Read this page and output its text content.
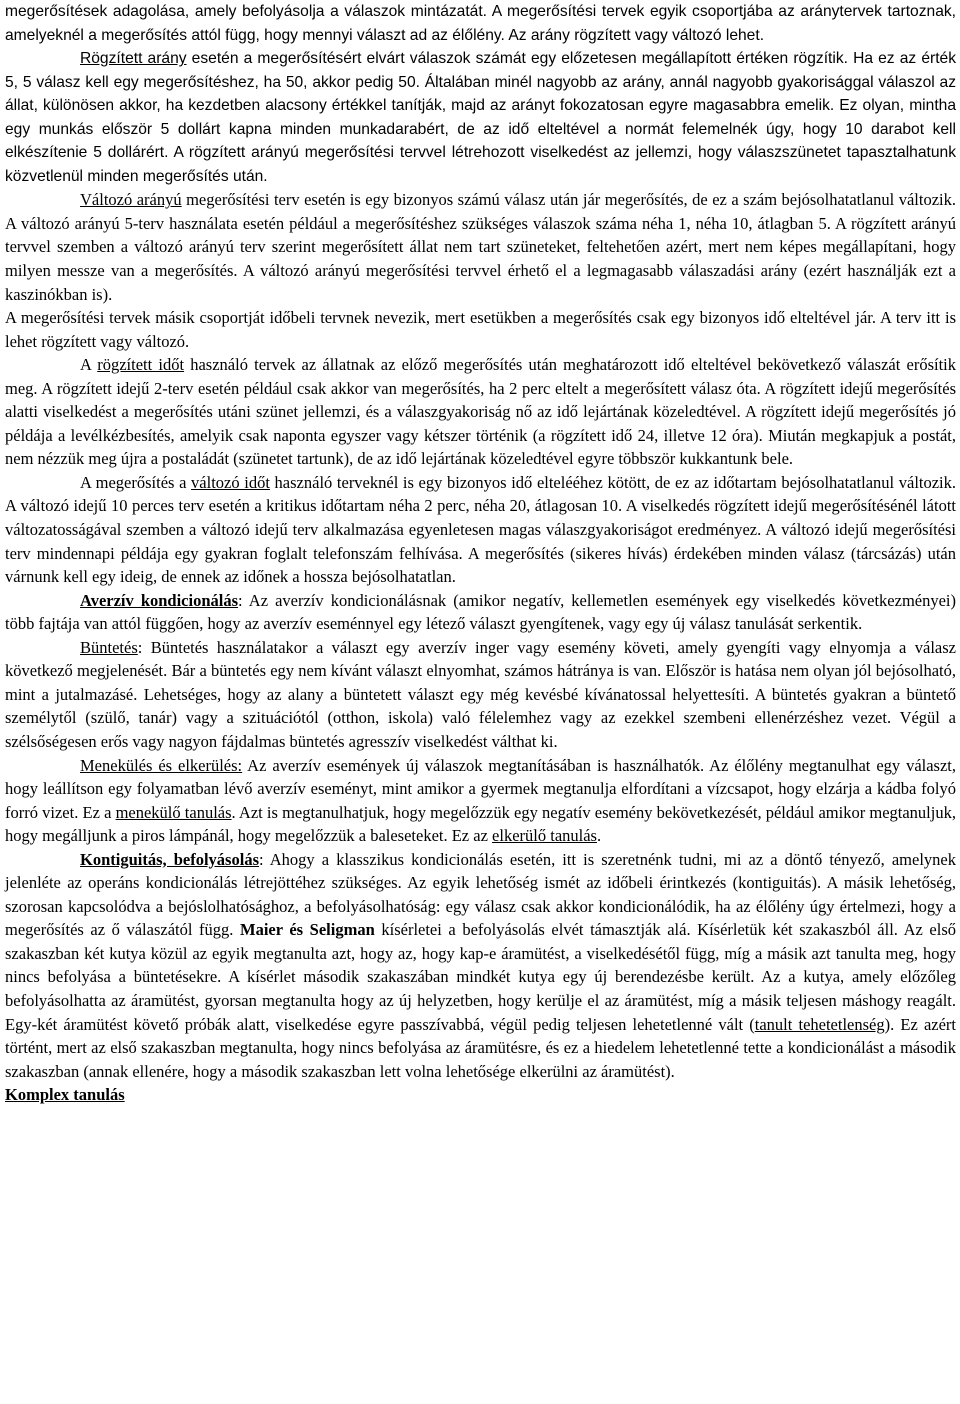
megerősítések adagolása, amely befolyásolja a válaszok mintázatát. A megerősítési tervek egyik csoportjába az aránytervek tartoznak, amelyeknél a megerősítés attól függ, hogy mennyi választ ad az élőlény. Az arány rögzített vagy változó lehet.

Rögzített arány esetén a megerősítésért elvárt válaszok számát egy előzetesen megállapított értéken rögzítik. Ha ez az érték 5, 5 válasz kell egy megerősítéshez, ha 50, akkor pedig 50. Általában minél nagyobb az arány, annál nagyobb gyakorisággal válaszol az állat, különösen akkor, ha kezdetben alacsony értékkel tanítják, majd az arányt fokozatosan egyre magasabbra emelik. Ez olyan, mintha egy munkás először 5 dollárt kapna minden munkadarabért, de az idő elteltével a normát felemelnék úgy, hogy 10 darabot kell elkészítenie 5 dollárért. A rögzített arányú megerősítési tervvel létrehozott viselkedést az jellemzi, hogy válaszszünetet tapasztalhatunk közvetlenül minden megerősítés után.

Változó arányú megerősítési terv esetén is egy bizonyos számú válasz után jár megerősítés, de ez a szám bejósolhatatlanul változik. A változó arányú 5-terv használata esetén például a megerősítéshez szükséges válaszok száma néha 1, néha 10, átlagban 5. A rögzített arányú tervvel szemben a változó arányú terv szerint megerősített állat nem tart szüneteket, feltehetően azért, mert nem képes megállapítani, hogy milyen messze van a megerősítés. A változó arányú megerősítési tervvel érhető el a legmagasabb válaszadási arány (ezért használják ezt a kaszinókban is).

A megerősítési tervek másik csoportját időbeli tervnek nevezik, mert esetükben a megerősítés csak egy bizonyos idő elteltével jár. A terv itt is lehet rögzített vagy változó.

A rögzített időt használó tervek az állatnak az előző megerősítés után meghatározott idő elteltével bekövetkező válaszát erősítik meg. A rögzített idejű 2-terv esetén például csak akkor van megerősítés, ha 2 perc eltelt a megerősített válasz óta. A rögzített idejű megerősítés alatti viselkedést a megerősítés utáni szünet jellemzi, és a válaszgyakoriság nő az idő lejártának közeledtével. A rögzített idejű megerősítés jó példája a levélkézbesítés, amelyik csak naponta egyszer vagy kétszer történik (a rögzített idő 24, illetve 12 óra). Miután megkapjuk a postát, nem nézzük meg újra a postaládát (szünetet tartunk), de az idő lejártának közeledtével egyre többször kukkantunk bele.

A megerősítés a változó időt használó terveknél is egy bizonyos idő eltelééhez kötött, de ez az időtartam bejósolhatatlanul változik. A változó idejű 10 perces terv esetén a kritikus időtartam néha 2 perc, néha 20, átlagosan 10. A viselkedés rögzített idejű megerősítésénél látott változatosságával szemben a változó idejű terv alkalmazása egyenletesen magas válaszgyakoriságot eredményez. A változó idejű megerősítési terv mindennapi példája egy gyakran foglalt telefonszám felhívása. A megerősítés (sikeres hívás) érdekében minden válasz (tárcsázás) után várnunk kell egy ideig, de ennek az időnek a hossza bejósolhatatlan.

Averzív kondicionálás: Az averzív kondicionálásnak (amikor negatív, kellemetlen események egy viselkedés következményei) több fajtája van attól függően, hogy az averzív eseménnyel egy létező választ gyengítenek, vagy egy új válasz tanulását serkentik.

Büntetés: Büntetés használatakor a választ egy averzív inger vagy esemény követi, amely gyengíti vagy elnyomja a válasz következő megjelenését. Bár a büntetés egy nem kívánt választ elnyomhat, számos hátránya is van. Először is hatása nem olyan jól bejósolható, mint a jutalmazásé. Lehetséges, hogy az alany a büntetett választ egy még kevésbé kívánatossal helyettesíti. A büntetés gyakran a büntető személytől (szülő, tanár) vagy a szituációtól (otthon, iskola) való félelemhez vagy az ezekkel szembeni ellenérzéshez vezet. Végül a szélsőségesen erős vagy nagyon fájdalmas büntetés agresszív viselkedést válthat ki.

Menekülés és elkerülés: Az averzív események új válaszok megtanításában is használhatók. Az élőlény megtanulhat egy választ, hogy leállítson egy folyamatban lévő averzív eseményt, mint amikor a gyermek megtanulja elfordítani a vízcsapot, hogy elzárja a kádba folyó forró vizet. Ez a menekülő tanulás. Azt is megtanulhatjuk, hogy megelőzzük egy negatív esemény bekövetkezését, például amikor megtanuljuk, hogy megálljunk a piros lámpánál, hogy megelőzzük a baleseteket. Ez az elkerülő tanulás.

Kontiguitás, befolyásolás: Ahogy a klasszikus kondicionálás esetén, itt is szeretnénk tudni, mi az a döntő tényező, amelynek jelenléte az operáns kondicionálás létrejöttéhez szükséges. Az egyik lehetőség ismét az időbeli érintkezés (kontiguitás). A másik lehetőség, szorosan kapcsolódva a bejóslolhatósághoz, a befolyásolhatóság: egy válasz csak akkor kondicionálódik, ha az élőlény úgy értelmezi, hogy a megerősítés az ő válaszától függ. Maier és Seligman kísérletei a befolyásolás elvét támasztják alá. Kísérletük két szakaszból áll. Az első szakaszban két kutya közül az egyik megtanulta azt, hogy az, hogy kap-e áramütést, a viselkedésétől függ, míg a másik azt tanulta meg, hogy nincs befolyása a büntetésekre. A kísérlet második szakaszában mindkét kutya egy új berendezésbe került. Az a kutya, amely előzőleg befolyásolhatta az áramütést, gyorsan megtanulta hogy az új helyzetben, hogy kerülje el az áramütést, míg a másik teljesen máshogy reagált. Egy-két áramütést követő próbák alatt, viselkedése egyre passzívabbá, végül pedig teljesen lehetetlenné vált (tanult tehetetlenség). Ez azért történt, mert az első szakaszban megtanulta, hogy nincs befolyása az áramütésre, és ez a hiedelem lehetetlenné tette a kondicionálást a második szakaszban (annak ellenére, hogy a második szakaszban lett volna lehetősége elkerülni az áramütést).

Komplex tanulás
